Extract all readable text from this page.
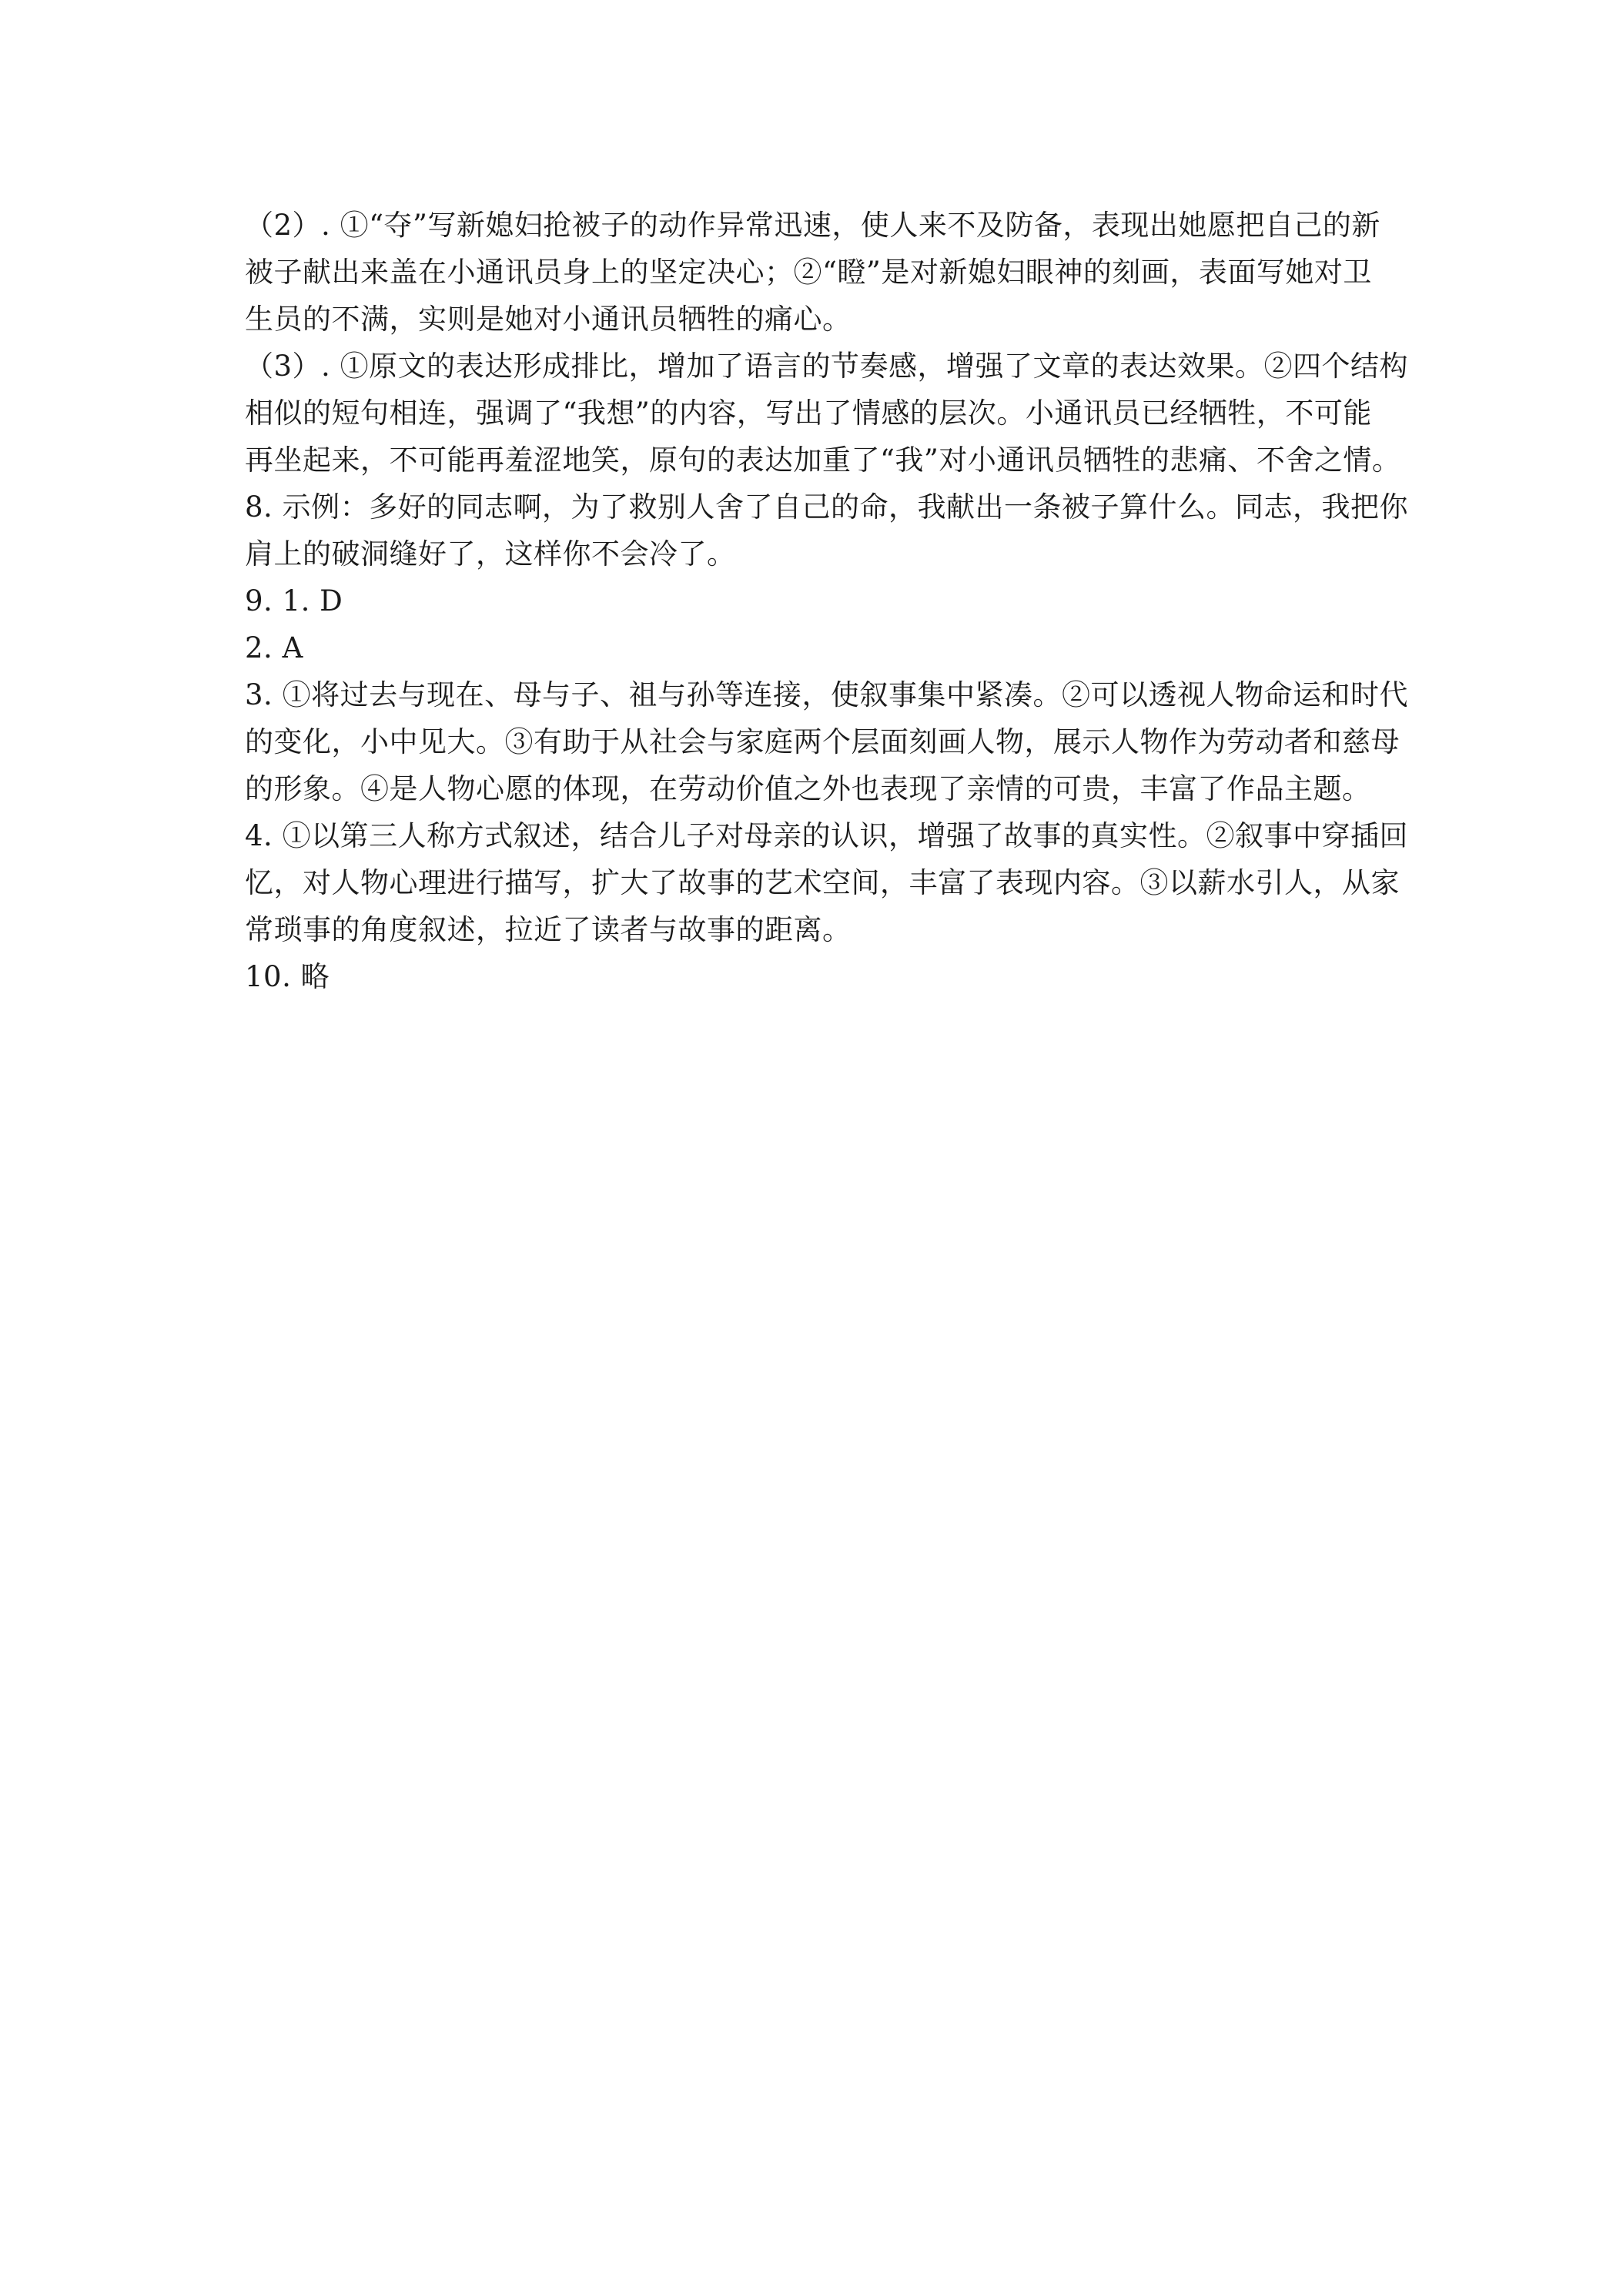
（2）. ①“夺”写新媳妇抢被子的动作异常迅速，使人来不及防备，表现出她愿把自己的新
被子献出来盖在小通讯员身上的坚定决心；②“瞪”是对新媳妇眼神的刻画，表面写她对卫
生员的不满，实则是她对小通讯员牺牲的痛心。
（3）. ①原文的表达形成排比，增加了语言的节奏感，增强了文章的表达效果。②四个结构
相似的短句相连，强调了“我想”的内容，写出了情感的层次。小通讯员已经牺牲，不可能
再坐起来，不可能再羞涩地笑，原句的表达加重了“我”对小通讯员牺牲的悲痛、不舍之情。
8. 示例：多好的同志啊，为了救别人舍了自己的命，我献出一条被子算什么。同志，我把你
肩上的破洞缝好了，这样你不会冷了。
9. 1. D
2. A
3. ①将过去与现在、母与子、祖与孙等连接，使叙事集中紧凑。②可以透视人物命运和时代
的变化，小中见大。③有助于从社会与家庭两个层面刻画人物，展示人物作为劳动者和慈母
的形象。④是人物心愿的体现，在劳动价值之外也表现了亲情的可贵，丰富了作品主题。
4. ①以第三人称方式叙述，结合儿子对母亲的认识，增强了故事的真实性。②叙事中穿插回
忆，对人物心理进行描写，扩大了故事的艺术空间，丰富了表现内容。③以薪水引人，从家
常琐事的角度叙述，拉近了读者与故事的距离。
10. 略
